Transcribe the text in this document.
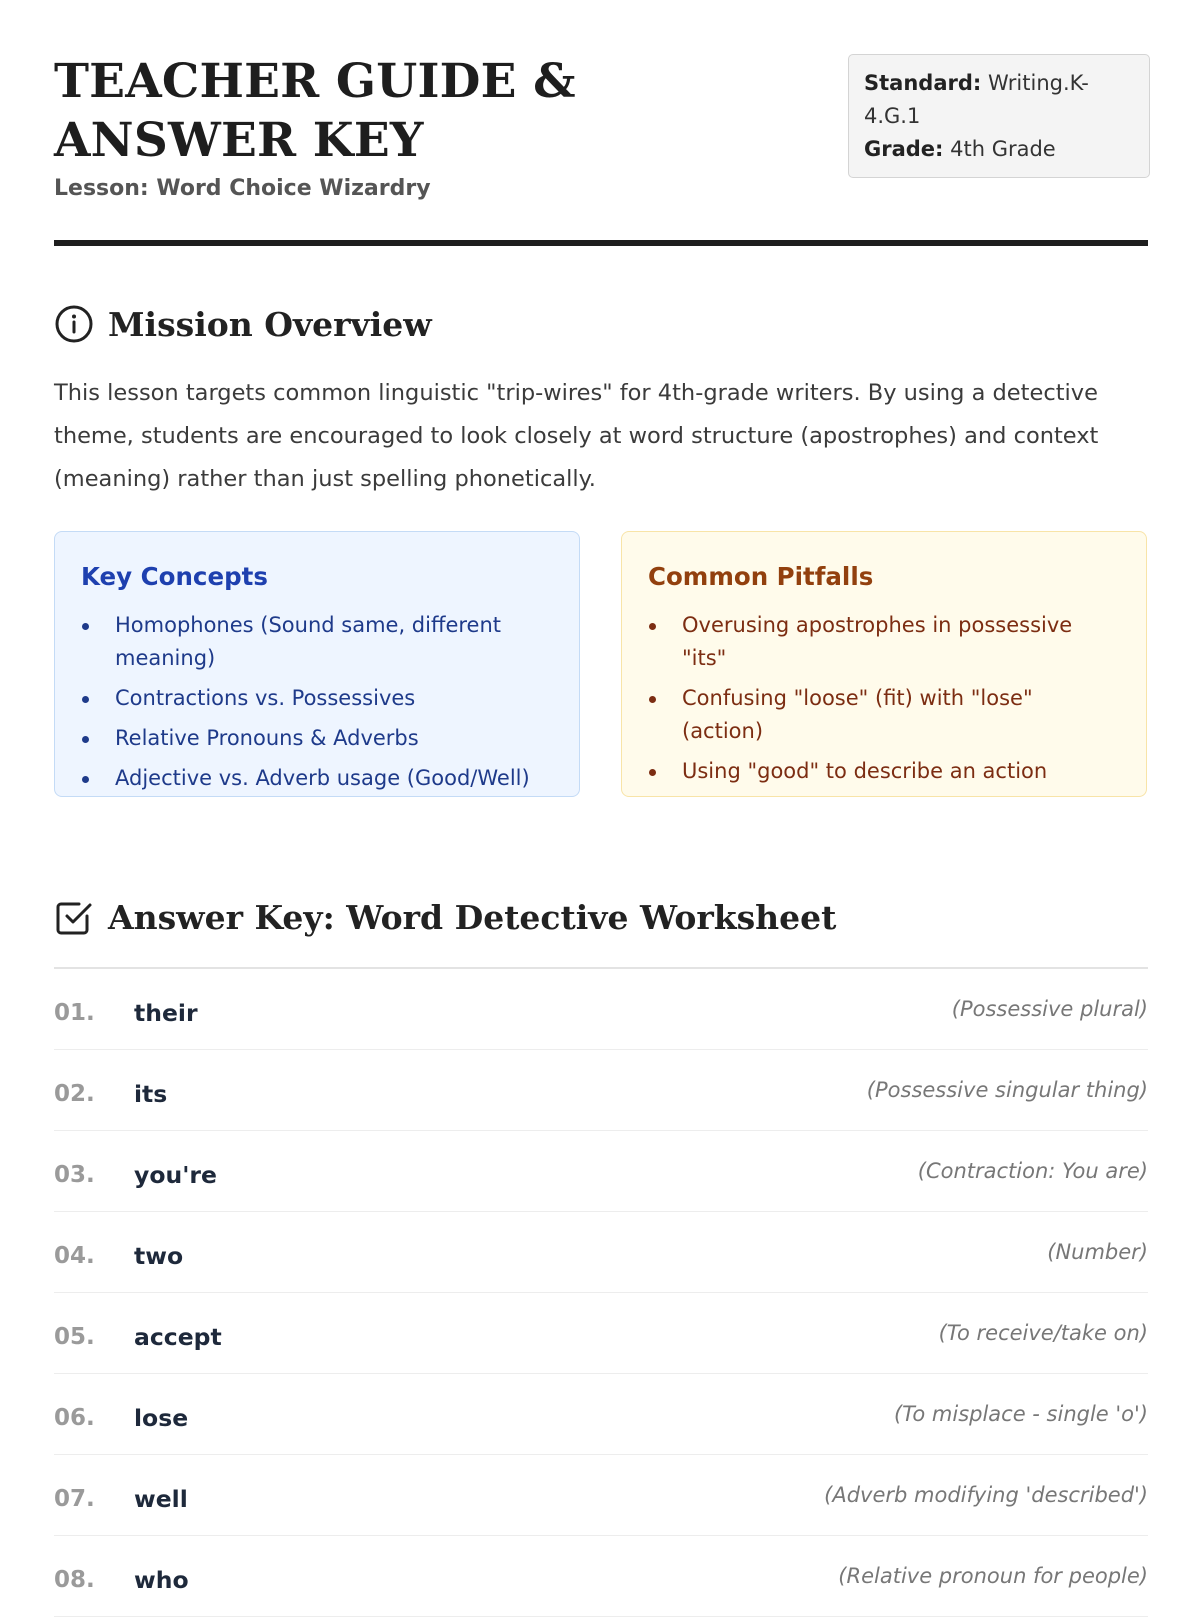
TEACHER GUIDE & ANSWER KEY
Lesson: Word Choice Wizardry
Standard: Writing.K-4.G.1
Grade: 4th Grade
Mission Overview

This lesson targets common linguistic "trip-wires" for 4th-grade writers. By using a detective theme, students are encouraged to look closely at word structure (apostrophes) and context (meaning) rather than just spelling phonetically.

Key Concepts
Homophones (Sound same, different meaning)
Contractions vs. Possessives
Relative Pronouns & Adverbs
Adjective vs. Adverb usage (Good/Well)
Common Pitfalls
Overusing apostrophes in possessive "its"
Confusing "loose" (fit) with "lose" (action)
Using "good" to describe an action
Answer Key: Word Detective Worksheet
01. their	(Possessive plural)
02. its	(Possessive singular thing)
03. you're	(Contraction: You are)
04. two	(Number)
05. accept	(To receive/take on)
06. lose	(To misplace - single 'o')
07. well	(Adverb modifying 'described')
08. who	(Relative pronoun for people)
